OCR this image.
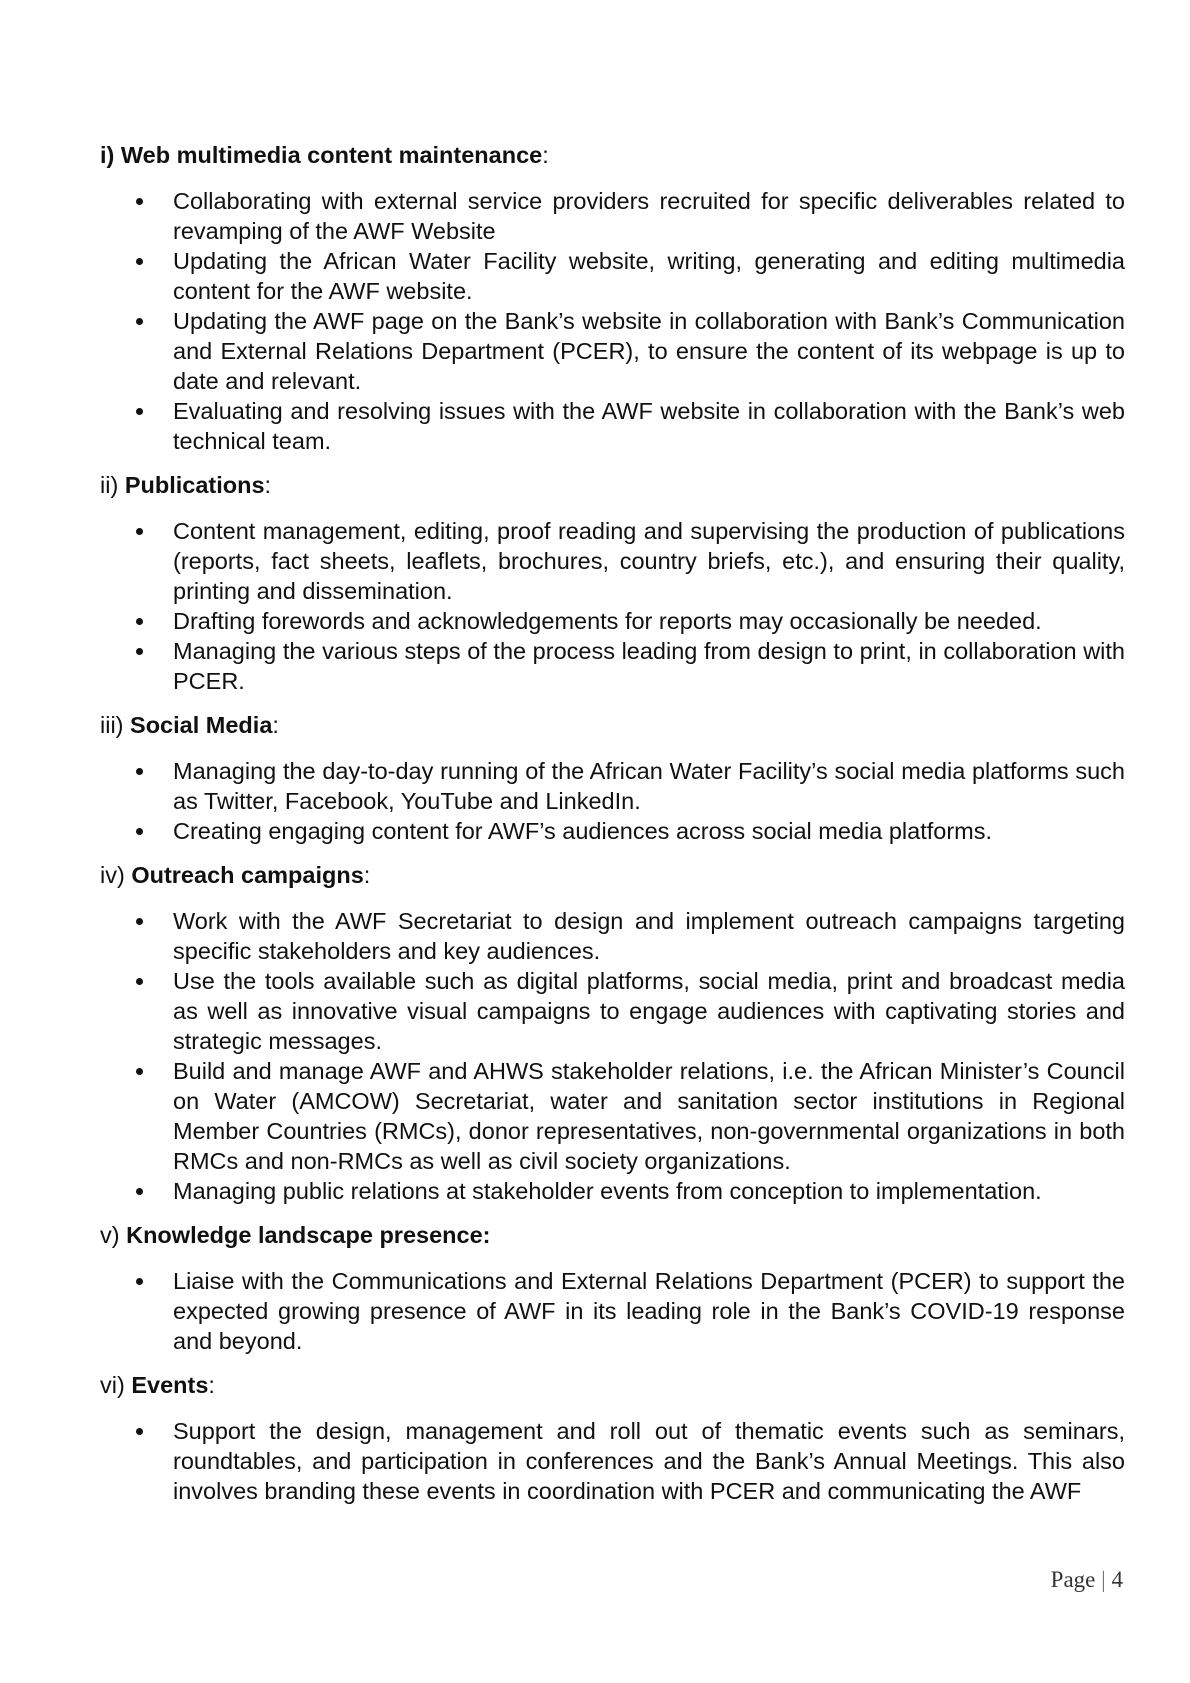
i) Web multimedia content maintenance:
Collaborating with external service providers recruited for specific deliverables related to revamping of the AWF Website
Updating the African Water Facility website, writing, generating and editing multimedia content for the AWF website.
Updating the AWF page on the Bank’s website in collaboration with Bank’s Communication and External Relations Department (PCER), to ensure the content of its webpage is up to date and relevant.
Evaluating and resolving issues with the AWF website in collaboration with the Bank’s web technical team.
ii) Publications:
Content management, editing, proof reading and supervising the production of publications (reports, fact sheets, leaflets, brochures, country briefs, etc.), and ensuring their quality, printing and dissemination.
Drafting forewords and acknowledgements for reports may occasionally be needed.
Managing the various steps of the process leading from design to print, in collaboration with PCER.
iii) Social Media:
Managing the day-to-day running of the African Water Facility’s social media platforms such as Twitter, Facebook, YouTube and LinkedIn.
Creating engaging content for AWF’s audiences across social media platforms.
iv) Outreach campaigns:
Work with the AWF Secretariat to design and implement outreach campaigns targeting specific stakeholders and key audiences.
Use the tools available such as digital platforms, social media, print and broadcast media as well as innovative visual campaigns to engage audiences with captivating stories and strategic messages.
Build and manage AWF and AHWS stakeholder relations, i.e. the African Minister’s Council on Water (AMCOW) Secretariat, water and sanitation sector institutions in Regional Member Countries (RMCs), donor representatives, non-governmental organizations in both RMCs and non-RMCs as well as civil society organizations.
Managing public relations at stakeholder events from conception to implementation.
v) Knowledge landscape presence:
Liaise with the Communications and External Relations Department (PCER) to support the expected growing presence of AWF in its leading role in the Bank’s COVID-19 response and beyond.
vi) Events:
Support the design, management and roll out of thematic events such as seminars, roundtables, and participation in conferences and the Bank’s Annual Meetings. This also involves branding these events in coordination with PCER and communicating the AWF
Page | 4
